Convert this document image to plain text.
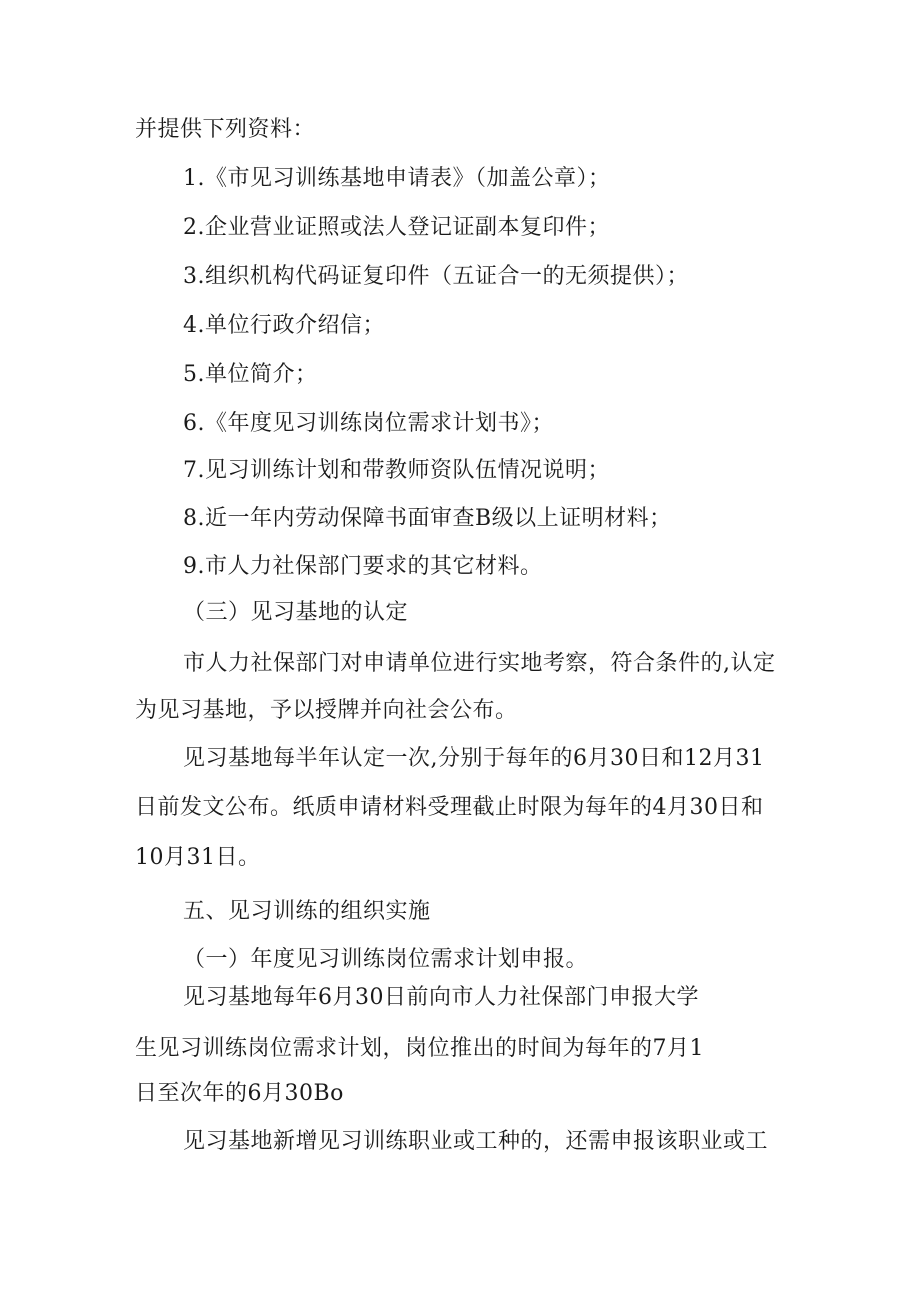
并提供下列资料：
1.《市见习训练基地申请表》（加盖公章）；
2.企业营业证照或法人登记证副本复印件；
3.组织机构代码证复印件（五证合一的无须提供）；
4.单位行政介绍信；
5.单位简介；
6.《年度见习训练岗位需求计划书》；
7.见习训练计划和带教师资队伍情况说明；
8.近一年内劳动保障书面审查B级以上证明材料；
9.市人力社保部门要求的其它材料。
（三）见习基地的认定
市人力社保部门对申请单位进行实地考察，符合条件的,认定
为见习基地，予以授牌并向社会公布。
见习基地每半年认定一次,分别于每年的6月30日和12月31
日前发文公布。纸质申请材料受理截止时限为每年的4月30日和
10月31日。
五、见习训练的组织实施
（一）年度见习训练岗位需求计划申报。
见习基地每年6月30日前向市人力社保部门申报大学
生见习训练岗位需求计划，岗位推出的时间为每年的7月1
日至次年的6月30Bo
见习基地新增见习训练职业或工种的，还需申报该职业或工
